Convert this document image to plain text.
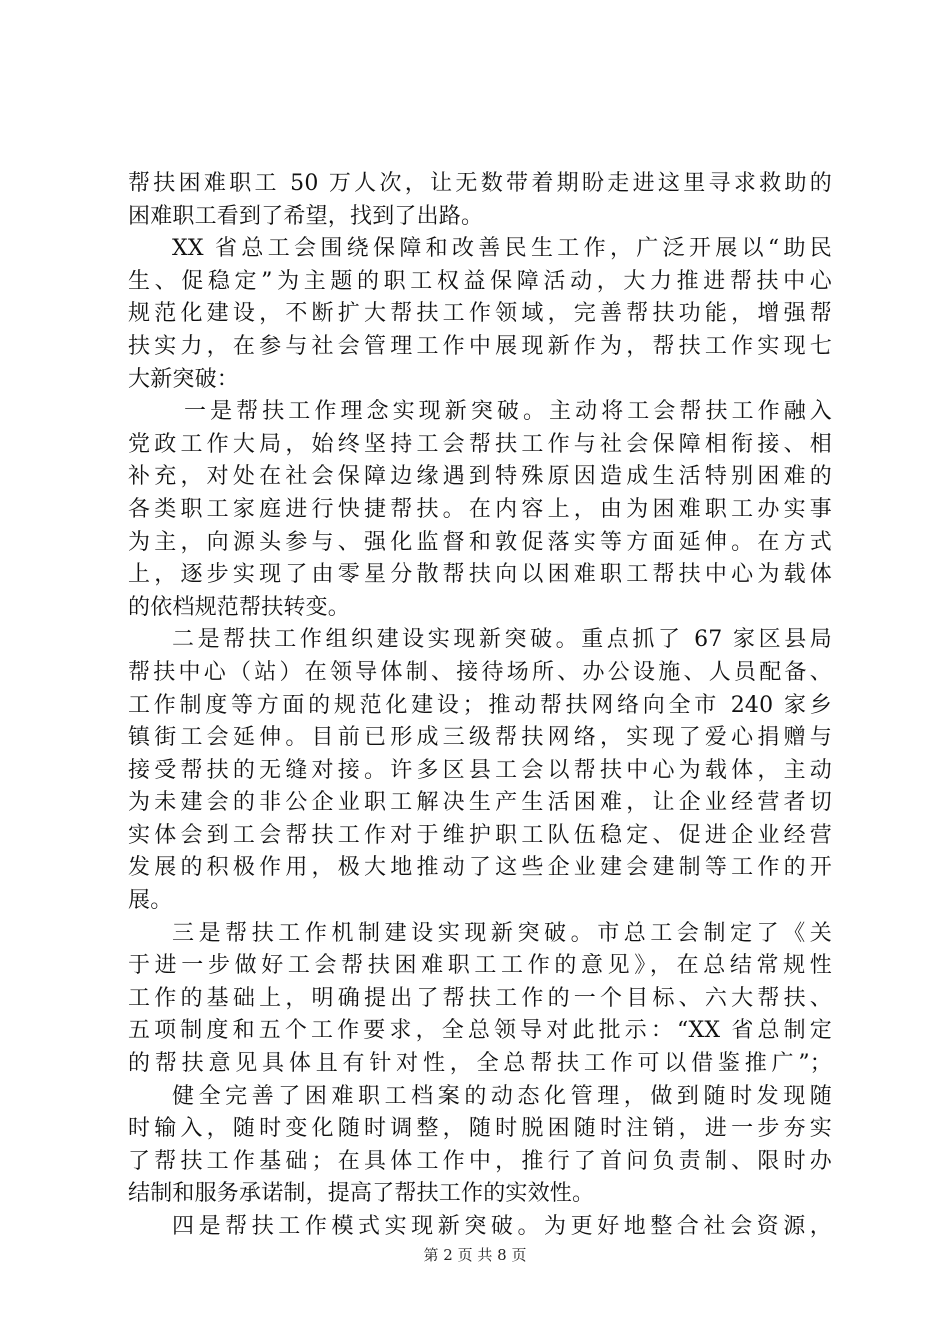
帮扶困难职工 50 万人次，让无数带着期盼走进这里寻求救助的
困难职工看到了希望，找到了出路。
XX 省总工会围绕保障和改善民生工作，广泛开展以“助民
生、促稳定”为主题的职工权益保障活动，大力推进帮扶中心
规范化建设，不断扩大帮扶工作领域，完善帮扶功能，增强帮
扶实力，在参与社会管理工作中展现新作为，帮扶工作实现七
大新突破：
一是帮扶工作理念实现新突破。主动将工会帮扶工作融入
党政工作大局，始终坚持工会帮扶工作与社会保障相衔接、相
补充，对处在社会保障边缘遇到特殊原因造成生活特别困难的
各类职工家庭进行快捷帮扶。在内容上，由为困难职工办实事
为主，向源头参与、强化监督和敦促落实等方面延伸。在方式
上，逐步实现了由零星分散帮扶向以困难职工帮扶中心为载体
的依档规范帮扶转变。
二是帮扶工作组织建设实现新突破。重点抓了 67 家区县局
帮扶中心（站）在领导体制、接待场所、办公设施、人员配备、
工作制度等方面的规范化建设；推动帮扶网络向全市 240 家乡
镇街工会延伸。目前已形成三级帮扶网络，实现了爱心捐赠与
接受帮扶的无缝对接。许多区县工会以帮扶中心为载体，主动
为未建会的非公企业职工解决生产生活困难，让企业经营者切
实体会到工会帮扶工作对于维护职工队伍稳定、促进企业经营
发展的积极作用，极大地推动了这些企业建会建制等工作的开
展。
三是帮扶工作机制建设实现新突破。市总工会制定了《关
于进一步做好工会帮扶困难职工工作的意见》，在总结常规性
工作的基础上，明确提出了帮扶工作的一个目标、六大帮扶、
五项制度和五个工作要求，全总领导对此批示：“XX 省总制定
的帮扶意见具体且有针对性，全总帮扶工作可以借鉴推广”；
健全完善了困难职工档案的动态化管理，做到随时发现随
时输入，随时变化随时调整，随时脱困随时注销，进一步夯实
了帮扶工作基础；在具体工作中，推行了首问负责制、限时办
结制和服务承诺制，提高了帮扶工作的实效性。
四是帮扶工作模式实现新突破。为更好地整合社会资源，
第 2 页 共 8 页
